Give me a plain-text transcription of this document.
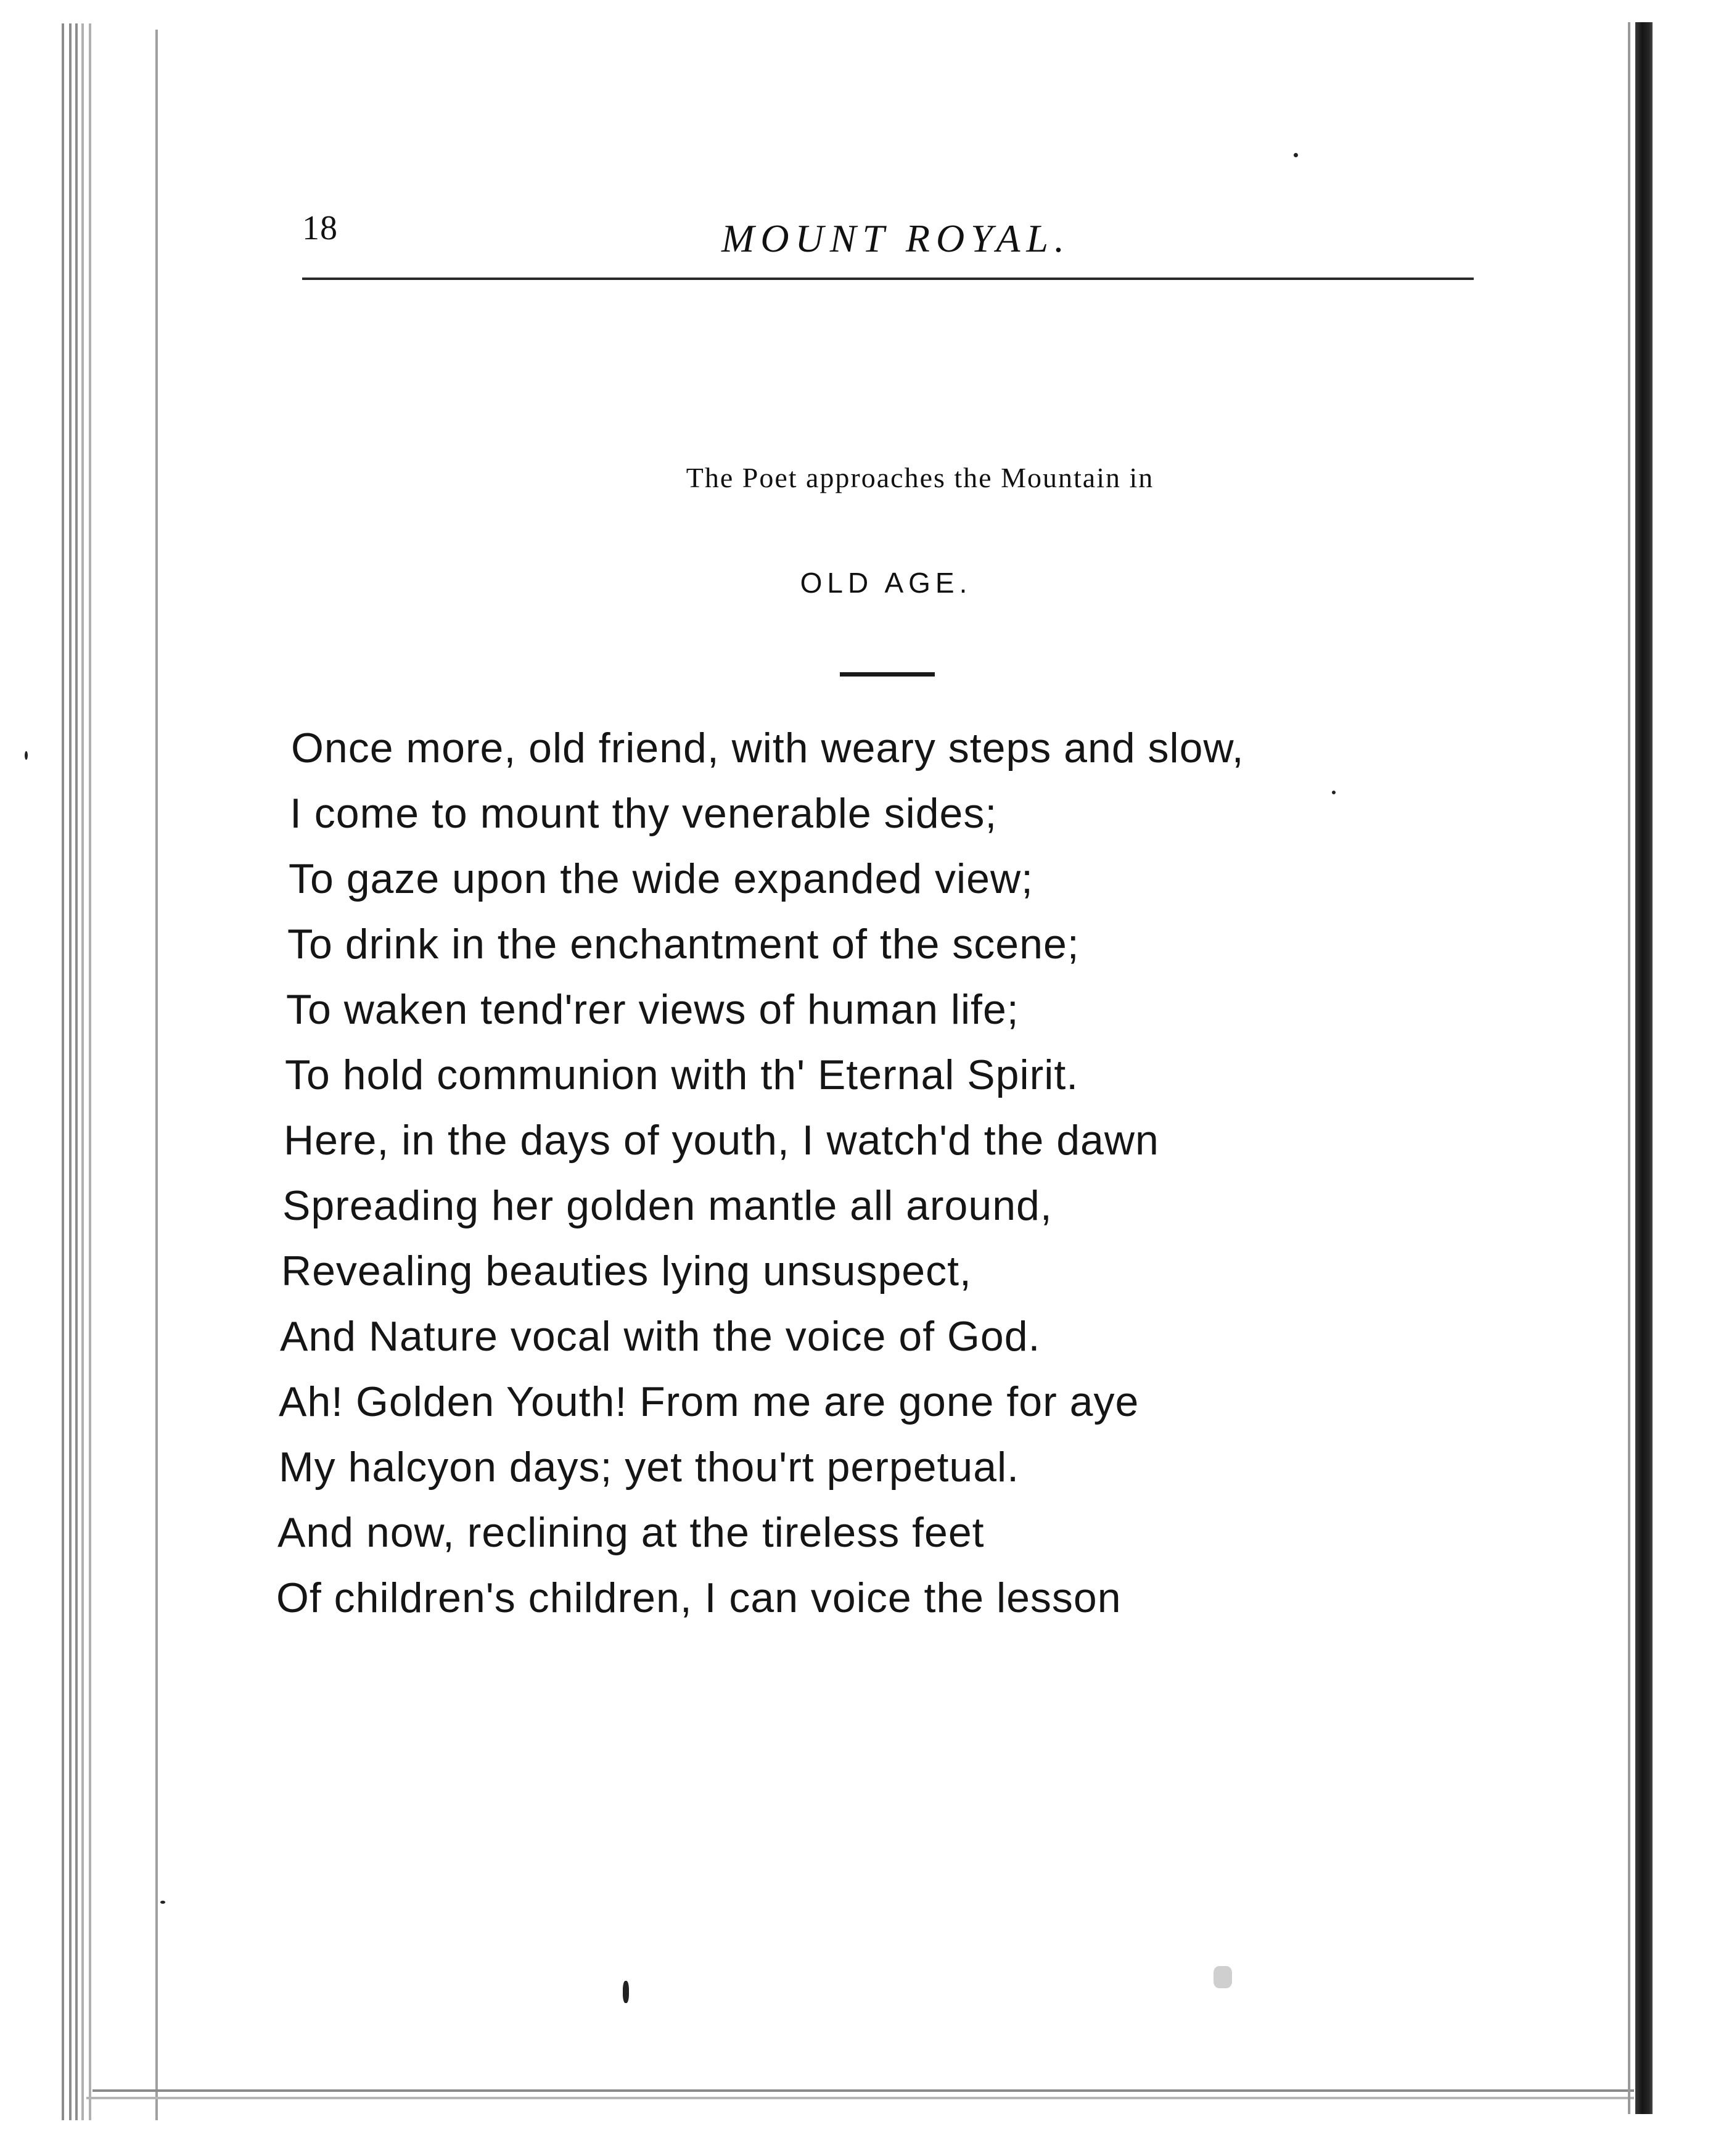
18	MOUNT ROYAL.
The Poet approaches the Mountain in
OLD AGE.
Once more, old friend, with weary steps and slow,
I come to mount thy venerable sides;
To gaze upon the wide expanded view;
To drink in the enchantment of the scene;
To waken tend'rer views of human life;
To hold communion with th' Eternal Spirit.
Here, in the days of youth, I watch'd the dawn
Spreading her golden mantle all around,
Revealing beauties lying unsuspect,
And Nature vocal with the voice of God.
Ah! Golden Youth! From me are gone for aye
My halcyon days; yet thou'rt perpetual.
And now, reclining at the tireless feet
Of children's children, I can voice the lesson
